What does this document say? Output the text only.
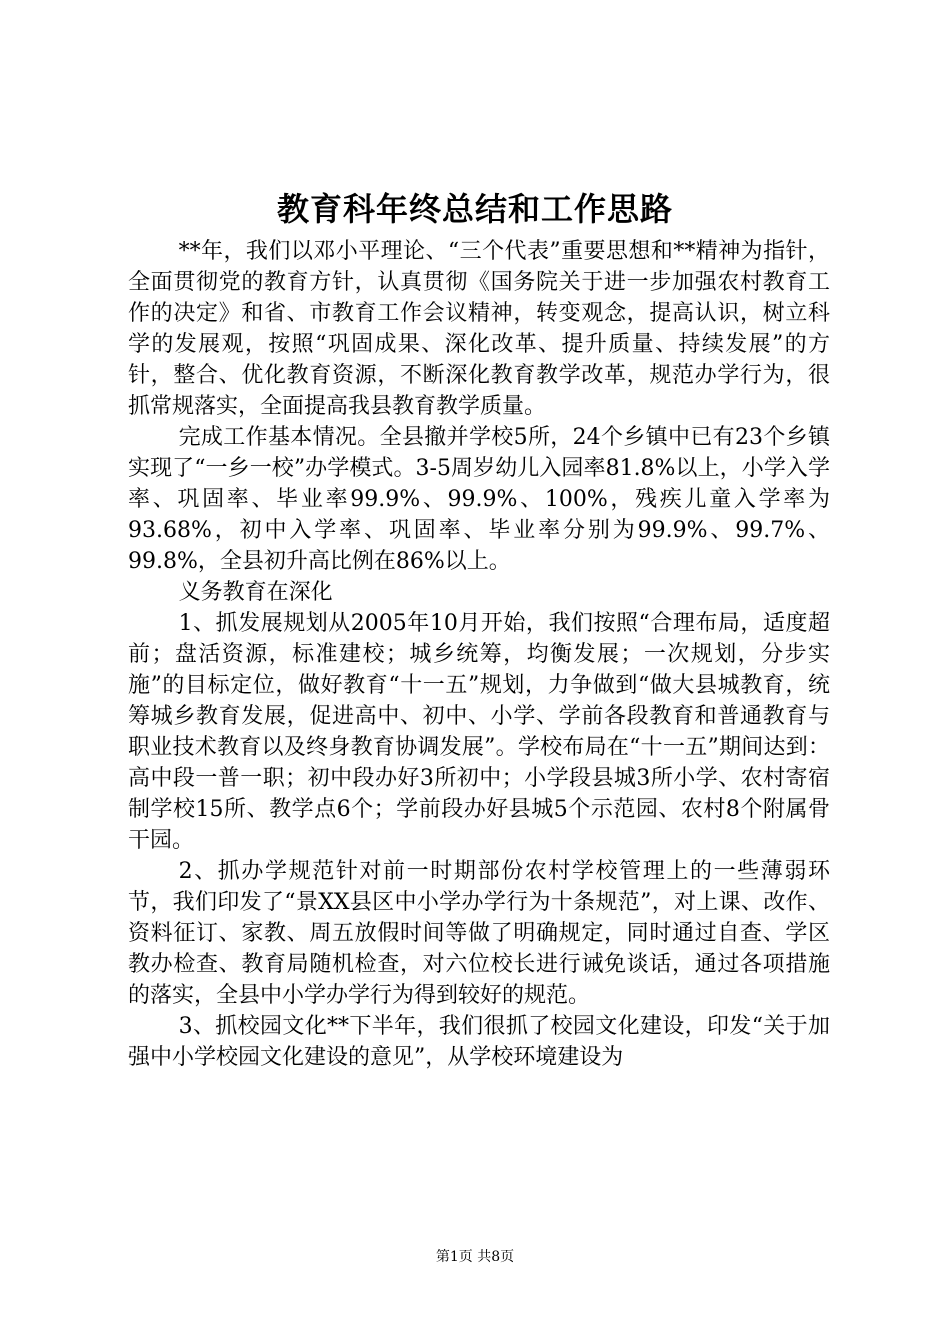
教育科年终总结和工作思路

**年，我们以邓小平理论、“三个代表”重要思想和**精神为指针，全面贯彻党的教育方针，认真贯彻《国务院关于进一步加强农村教育工作的决定》和省、市教育工作会议精神，转变观念，提高认识，树立科学的发展观，按照“巩固成果、深化改革、提升质量、持续发展”的方针，整合、优化教育资源，不断深化教育教学改革，规范办学行为，很抓常规落实，全面提高我县教育教学质量。

完成工作基本情况。全县撤并学校5所，24个乡镇中已有23个乡镇实现了“一乡一校”办学模式。3-5周岁幼儿入园率81.8%以上，小学入学率、巩固率、毕业率99.9%、99.9%、100%，残疾儿童入学率为93.68%，初中入学率、巩固率、毕业率分别为99.9%、99.7%、99.8%，全县初升高比例在86%以上。

义务教育在深化

1、抓发展规划从2005年10月开始，我们按照“合理布局，适度超前；盘活资源，标准建校；城乡统筹，均衡发展；一次规划，分步实施”的目标定位，做好教育“十一五”规划，力争做到“做大县城教育，统筹城乡教育发展，促进高中、初中、小学、学前各段教育和普通教育与职业技术教育以及终身教育协调发展”。学校布局在“十一五”期间达到：高中段一普一职；初中段办好3所初中；小学段县城3所小学、农村寄宿制学校15所、教学点6个；学前段办好县城5个示范园、农村8个附属骨干园。

2、抓办学规范针对前一时期部份农村学校管理上的一些薄弱环节，我们印发了“景XX县区中小学办学行为十条规范”，对上课、改作、资料征订、家教、周五放假时间等做了明确规定，同时通过自查、学区教办检查、教育局随机检查，对六位校长进行诫免谈话，通过各项措施的落实，全县中小学办学行为得到较好的规范。

3、抓校园文化**下半年，我们很抓了校园文化建设，印发“关于加强中小学校园文化建设的意见”，从学校环境建设为

第1页 共8页
